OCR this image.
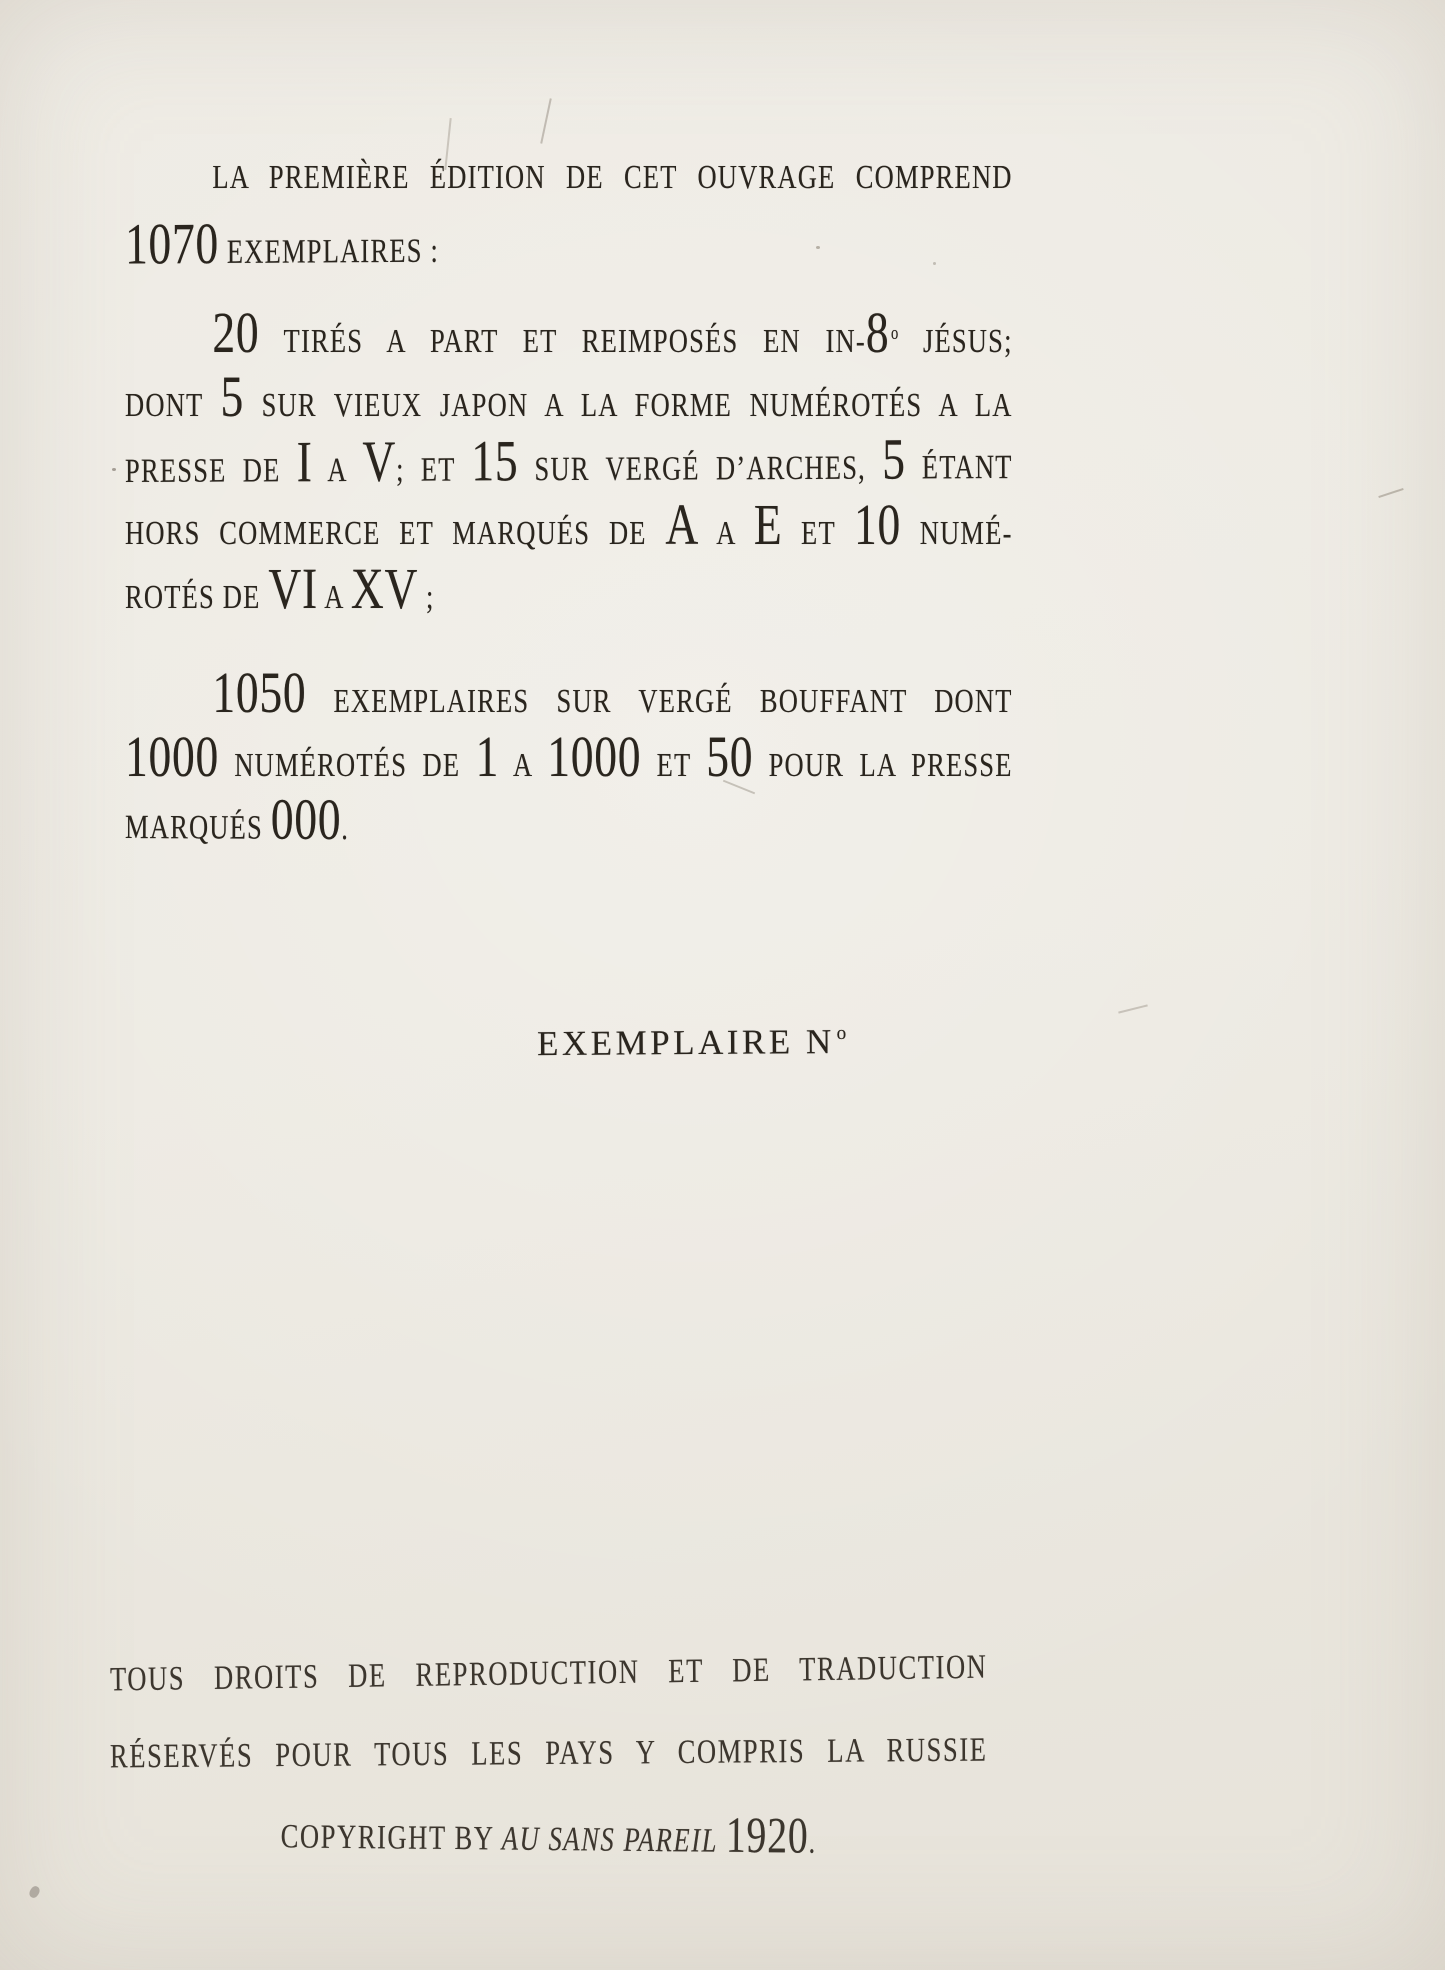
LA PREMIÈRE ÉDITION DE CET OUVRAGE COMPREND
1070 EXEMPLAIRES :
20 TIRÉS A PART ET REIMPOSÉS EN IN-8$^o$ JÉSUS;
DONT 5 SUR VIEUX JAPON A LA FORME NUMÉROTÉS A LA
PRESSE DE I A V; ET 15 SUR VERGÉ D’ARCHES, 5 ÉTANT
HORS COMMERCE ET MARQUÉS DE A A E ET 10 NUMÉ-
ROTÉS DE VI A XV ;
1050 EXEMPLAIRES SUR VERGÉ BOUFFANT DONT
1000 NUMÉROTÉS DE 1 A 1000 ET 50 POUR LA PRESSE
MARQUÉS 000.
EXEMPLAIRE $N^o$
TOUS DROITS DE REPRODUCTION ET DE TRADUCTION
RÉSERVÉS POUR TOUS LES PAYS Y COMPRIS LA RUSSIE
COPYRIGHT BY AU SANS PAREIL 1920.
